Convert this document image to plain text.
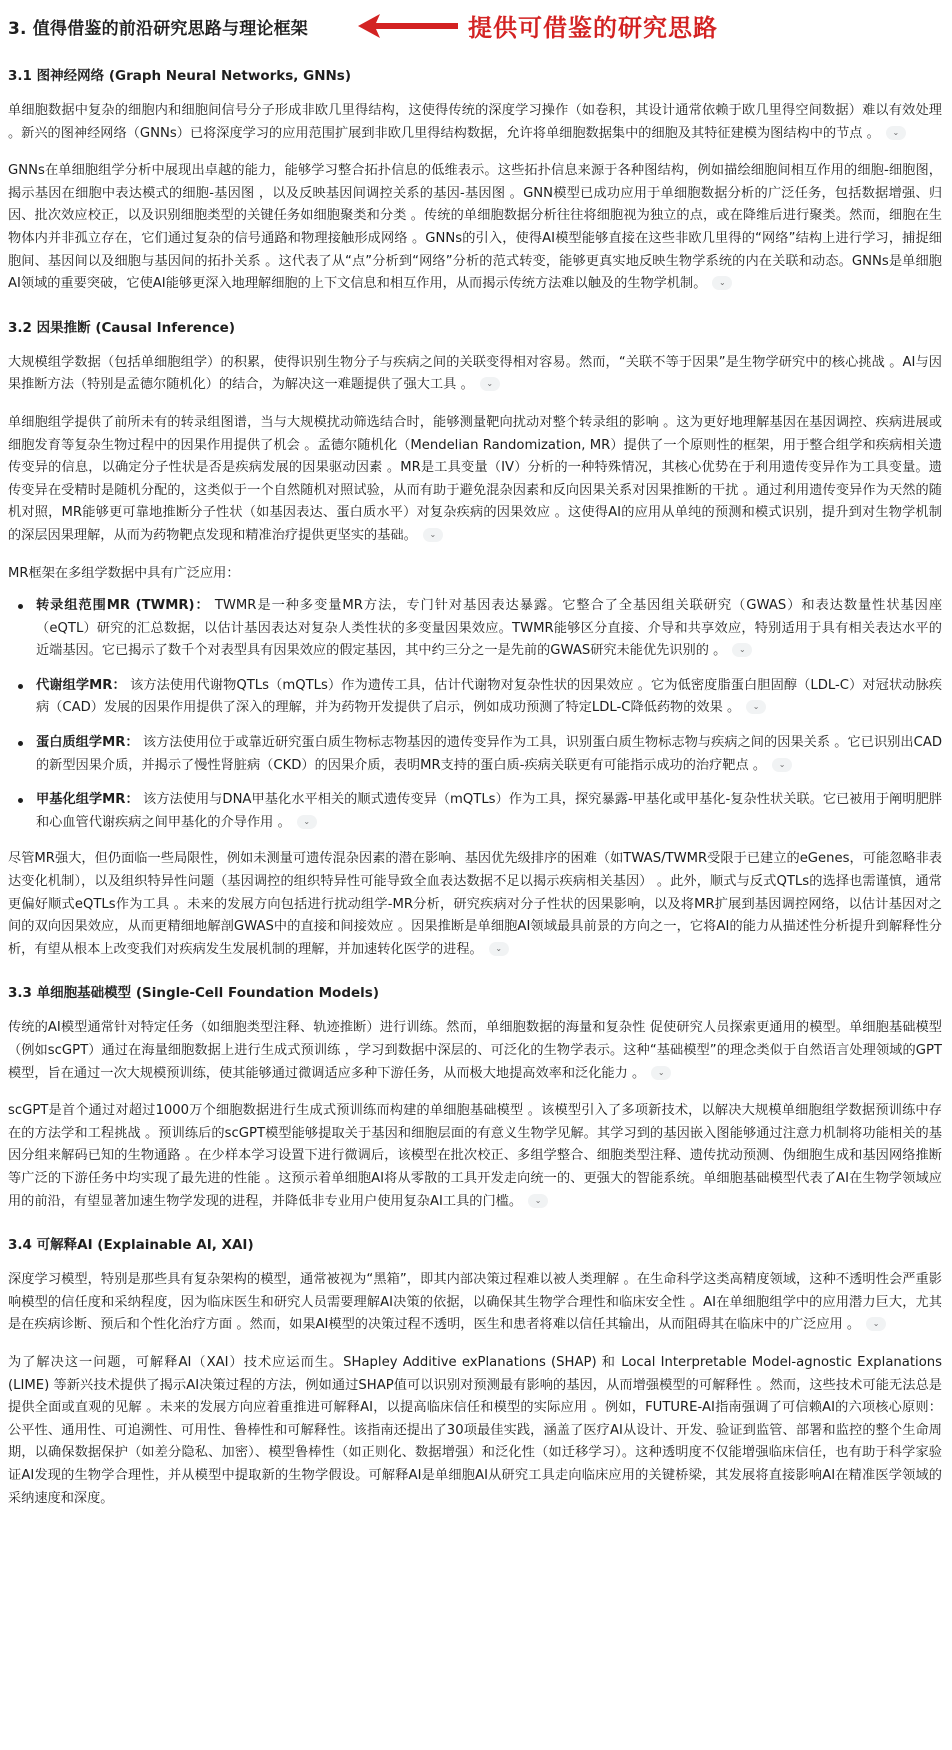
3. 值得借鉴的前沿研究思路与理论框架	提供可借鉴的研究思路
3.1 图神经网络 (Graph Neural Networks, GNNs)

单细胞数据中复杂的细胞内和细胞间信号分子形成非欧几里得结构，这使得传统的深度学习操作（如卷积，其设计通常依赖于欧几里得空间数据）难以有效处理 。新兴的图神经网络（GNNs）已将深度学习的应用范围扩展到非欧几里得结构数据，允许将单细胞数据集中的细胞及其特征建模为图结构中的节点 。 ⌄

GNNs在单细胞组学分析中展现出卓越的能力，能够学习整合拓扑信息的低维表示。这些拓扑信息来源于各种图结构，例如描绘细胞间相互作用的细胞-细胞图，揭示基因在细胞中表达模式的细胞-基因图 ，以及反映基因间调控关系的基因-基因图 。GNN模型已成功应用于单细胞数据分析的广泛任务，包括数据增强、归因、批次效应校正，以及识别细胞类型的关键任务如细胞聚类和分类 。传统的单细胞数据分析往往将细胞视为独立的点，或在降维后进行聚类。然而，细胞在生物体内并非孤立存在，它们通过复杂的信号通路和物理接触形成网络 。GNNs的引入，使得AI模型能够直接在这些非欧几里得的“网络”结构上进行学习，捕捉细胞间、基因间以及细胞与基因间的拓扑关系 。这代表了从“点”分析到“网络”分析的范式转变，能够更真实地反映生物学系统的内在关联和动态。GNNs是单细胞AI领域的重要突破，它使AI能够更深入地理解细胞的上下文信息和相互作用，从而揭示传统方法难以触及的生物学机制。 ⌄

3.2 因果推断 (Causal Inference)

大规模组学数据（包括单细胞组学）的积累，使得识别生物分子与疾病之间的关联变得相对容易。然而，“关联不等于因果”是生物学研究中的核心挑战 。AI与因果推断方法（特别是孟德尔随机化）的结合，为解决这一难题提供了强大工具 。 ⌄

单细胞组学提供了前所未有的转录组图谱，当与大规模扰动筛选结合时，能够测量靶向扰动对整个转录组的影响 。这为更好地理解基因在基因调控、疾病进展或细胞发育等复杂生物过程中的因果作用提供了机会 。孟德尔随机化（Mendelian Randomization, MR）提供了一个原则性的框架，用于整合组学和疾病相关遗传变异的信息，以确定分子性状是否是疾病发展的因果驱动因素 。MR是工具变量（IV）分析的一种特殊情况，其核心优势在于利用遗传变异作为工具变量。遗传变异在受精时是随机分配的，这类似于一个自然随机对照试验，从而有助于避免混杂因素和反向因果关系对因果推断的干扰 。通过利用遗传变异作为天然的随机对照，MR能够更可靠地推断分子性状（如基因表达、蛋白质水平）对复杂疾病的因果效应 。这使得AI的应用从单纯的预测和模式识别，提升到对生物学机制的深层因果理解，从而为药物靶点发现和精准治疗提供更坚实的基础。 ⌄

MR框架在多组学数据中具有广泛应用：

转录组范围MR (TWMR)： TWMR是一种多变量MR方法，专门针对基因表达暴露。它整合了全基因组关联研究（GWAS）和表达数量性状基因座（eQTL）研究的汇总数据，以估计基因表达对复杂人类性状的多变量因果效应。TWMR能够区分直接、介导和共享效应，特别适用于具有相关表达水平的近端基因。它已揭示了数千个对表型具有因果效应的假定基因，其中约三分之一是先前的GWAS研究未能优先识别的 。 ⌄
代谢组学MR： 该方法使用代谢物QTLs（mQTLs）作为遗传工具，估计代谢物对复杂性状的因果效应 。它为低密度脂蛋白胆固醇（LDL-C）对冠状动脉疾病（CAD）发展的因果作用提供了深入的理解，并为药物开发提供了启示，例如成功预测了特定LDL-C降低药物的效果 。 ⌄
蛋白质组学MR： 该方法使用位于或靠近研究蛋白质生物标志物基因的遗传变异作为工具，识别蛋白质生物标志物与疾病之间的因果关系 。它已识别出CAD的新型因果介质，并揭示了慢性肾脏病（CKD）的因果介质，表明MR支持的蛋白质-疾病关联更有可能指示成功的治疗靶点 。 ⌄
甲基化组学MR： 该方法使用与DNA甲基化水平相关的顺式遗传变异（mQTLs）作为工具，探究暴露-甲基化或甲基化-复杂性状关联。它已被用于阐明肥胖和心血管代谢疾病之间甲基化的介导作用 。 ⌄

尽管MR强大，但仍面临一些局限性，例如未测量可遗传混杂因素的潜在影响、基因优先级排序的困难（如TWAS/TWMR受限于已建立的eGenes，可能忽略非表达变化机制），以及组织特异性问题（基因调控的组织特异性可能导致全血表达数据不足以揭示疾病相关基因） 。此外，顺式与反式QTLs的选择也需谨慎，通常更偏好顺式eQTLs作为工具 。未来的发展方向包括进行扰动组学-MR分析，研究疾病对分子性状的因果影响，以及将MR扩展到基因调控网络，以估计基因对之间的双向因果效应，从而更精细地解剖GWAS中的直接和间接效应 。因果推断是单细胞AI领域最具前景的方向之一，它将AI的能力从描述性分析提升到解释性分析，有望从根本上改变我们对疾病发生发展机制的理解，并加速转化医学的进程。 ⌄

3.3 单细胞基础模型 (Single-Cell Foundation Models)

传统的AI模型通常针对特定任务（如细胞类型注释、轨迹推断）进行训练。然而，单细胞数据的海量和复杂性 促使研究人员探索更通用的模型。单细胞基础模型（例如scGPT）通过在海量细胞数据上进行生成式预训练 ，学习到数据中深层的、可泛化的生物学表示。这种“基础模型”的理念类似于自然语言处理领域的GPT模型，旨在通过一次大规模预训练，使其能够通过微调适应多种下游任务，从而极大地提高效率和泛化能力 。 ⌄

scGPT是首个通过对超过1000万个细胞数据进行生成式预训练而构建的单细胞基础模型 。该模型引入了多项新技术，以解决大规模单细胞组学数据预训练中存在的方法学和工程挑战 。预训练后的scGPT模型能够提取关于基因和细胞层面的有意义生物学见解。其学习到的基因嵌入图能够通过注意力机制将功能相关的基因分组来解码已知的生物通路 。在少样本学习设置下进行微调后，该模型在批次校正、多组学整合、细胞类型注释、遗传扰动预测、伪细胞生成和基因网络推断等广泛的下游任务中均实现了最先进的性能 。这预示着单细胞AI将从零散的工具开发走向统一的、更强大的智能系统。单细胞基础模型代表了AI在生物学领域应用的前沿，有望显著加速生物学发现的进程，并降低非专业用户使用复杂AI工具的门槛。 ⌄

3.4 可解释AI (Explainable AI, XAI)

深度学习模型，特别是那些具有复杂架构的模型，通常被视为“黑箱”，即其内部决策过程难以被人类理解 。在生命科学这类高精度领域，这种不透明性会严重影响模型的信任度和采纳程度，因为临床医生和研究人员需要理解AI决策的依据，以确保其生物学合理性和临床安全性 。AI在单细胞组学中的应用潜力巨大，尤其是在疾病诊断、预后和个性化治疗方面 。然而，如果AI模型的决策过程不透明，医生和患者将难以信任其输出，从而阻碍其在临床中的广泛应用 。 ⌄

为了解决这一问题，可解释AI（XAI）技术应运而生。SHapley Additive exPlanations (SHAP) 和 Local Interpretable Model-agnostic Explanations (LIME) 等新兴技术提供了揭示AI决策过程的方法，例如通过SHAP值可以识别对预测最有影响的基因，从而增强模型的可解释性 。然而，这些技术可能无法总是提供全面或直观的见解 。未来的发展方向应着重推进可解释AI，以提高临床信任和模型的实际应用 。例如，FUTURE-AI指南强调了可信赖AI的六项核心原则：公平性、通用性、可追溯性、可用性、鲁棒性和可解释性。该指南还提出了30项最佳实践，涵盖了医疗AI从设计、开发、验证到监管、部署和监控的整个生命周期，以确保数据保护（如差分隐私、加密）、模型鲁棒性（如正则化、数据增强）和泛化性（如迁移学习）。这种透明度不仅能增强临床信任，也有助于科学家验证AI发现的生物学合理性，并从模型中提取新的生物学假设。可解释AI是单细胞AI从研究工具走向临床应用的关键桥梁，其发展将直接影响AI在精准医学领域的采纳速度和深度。
